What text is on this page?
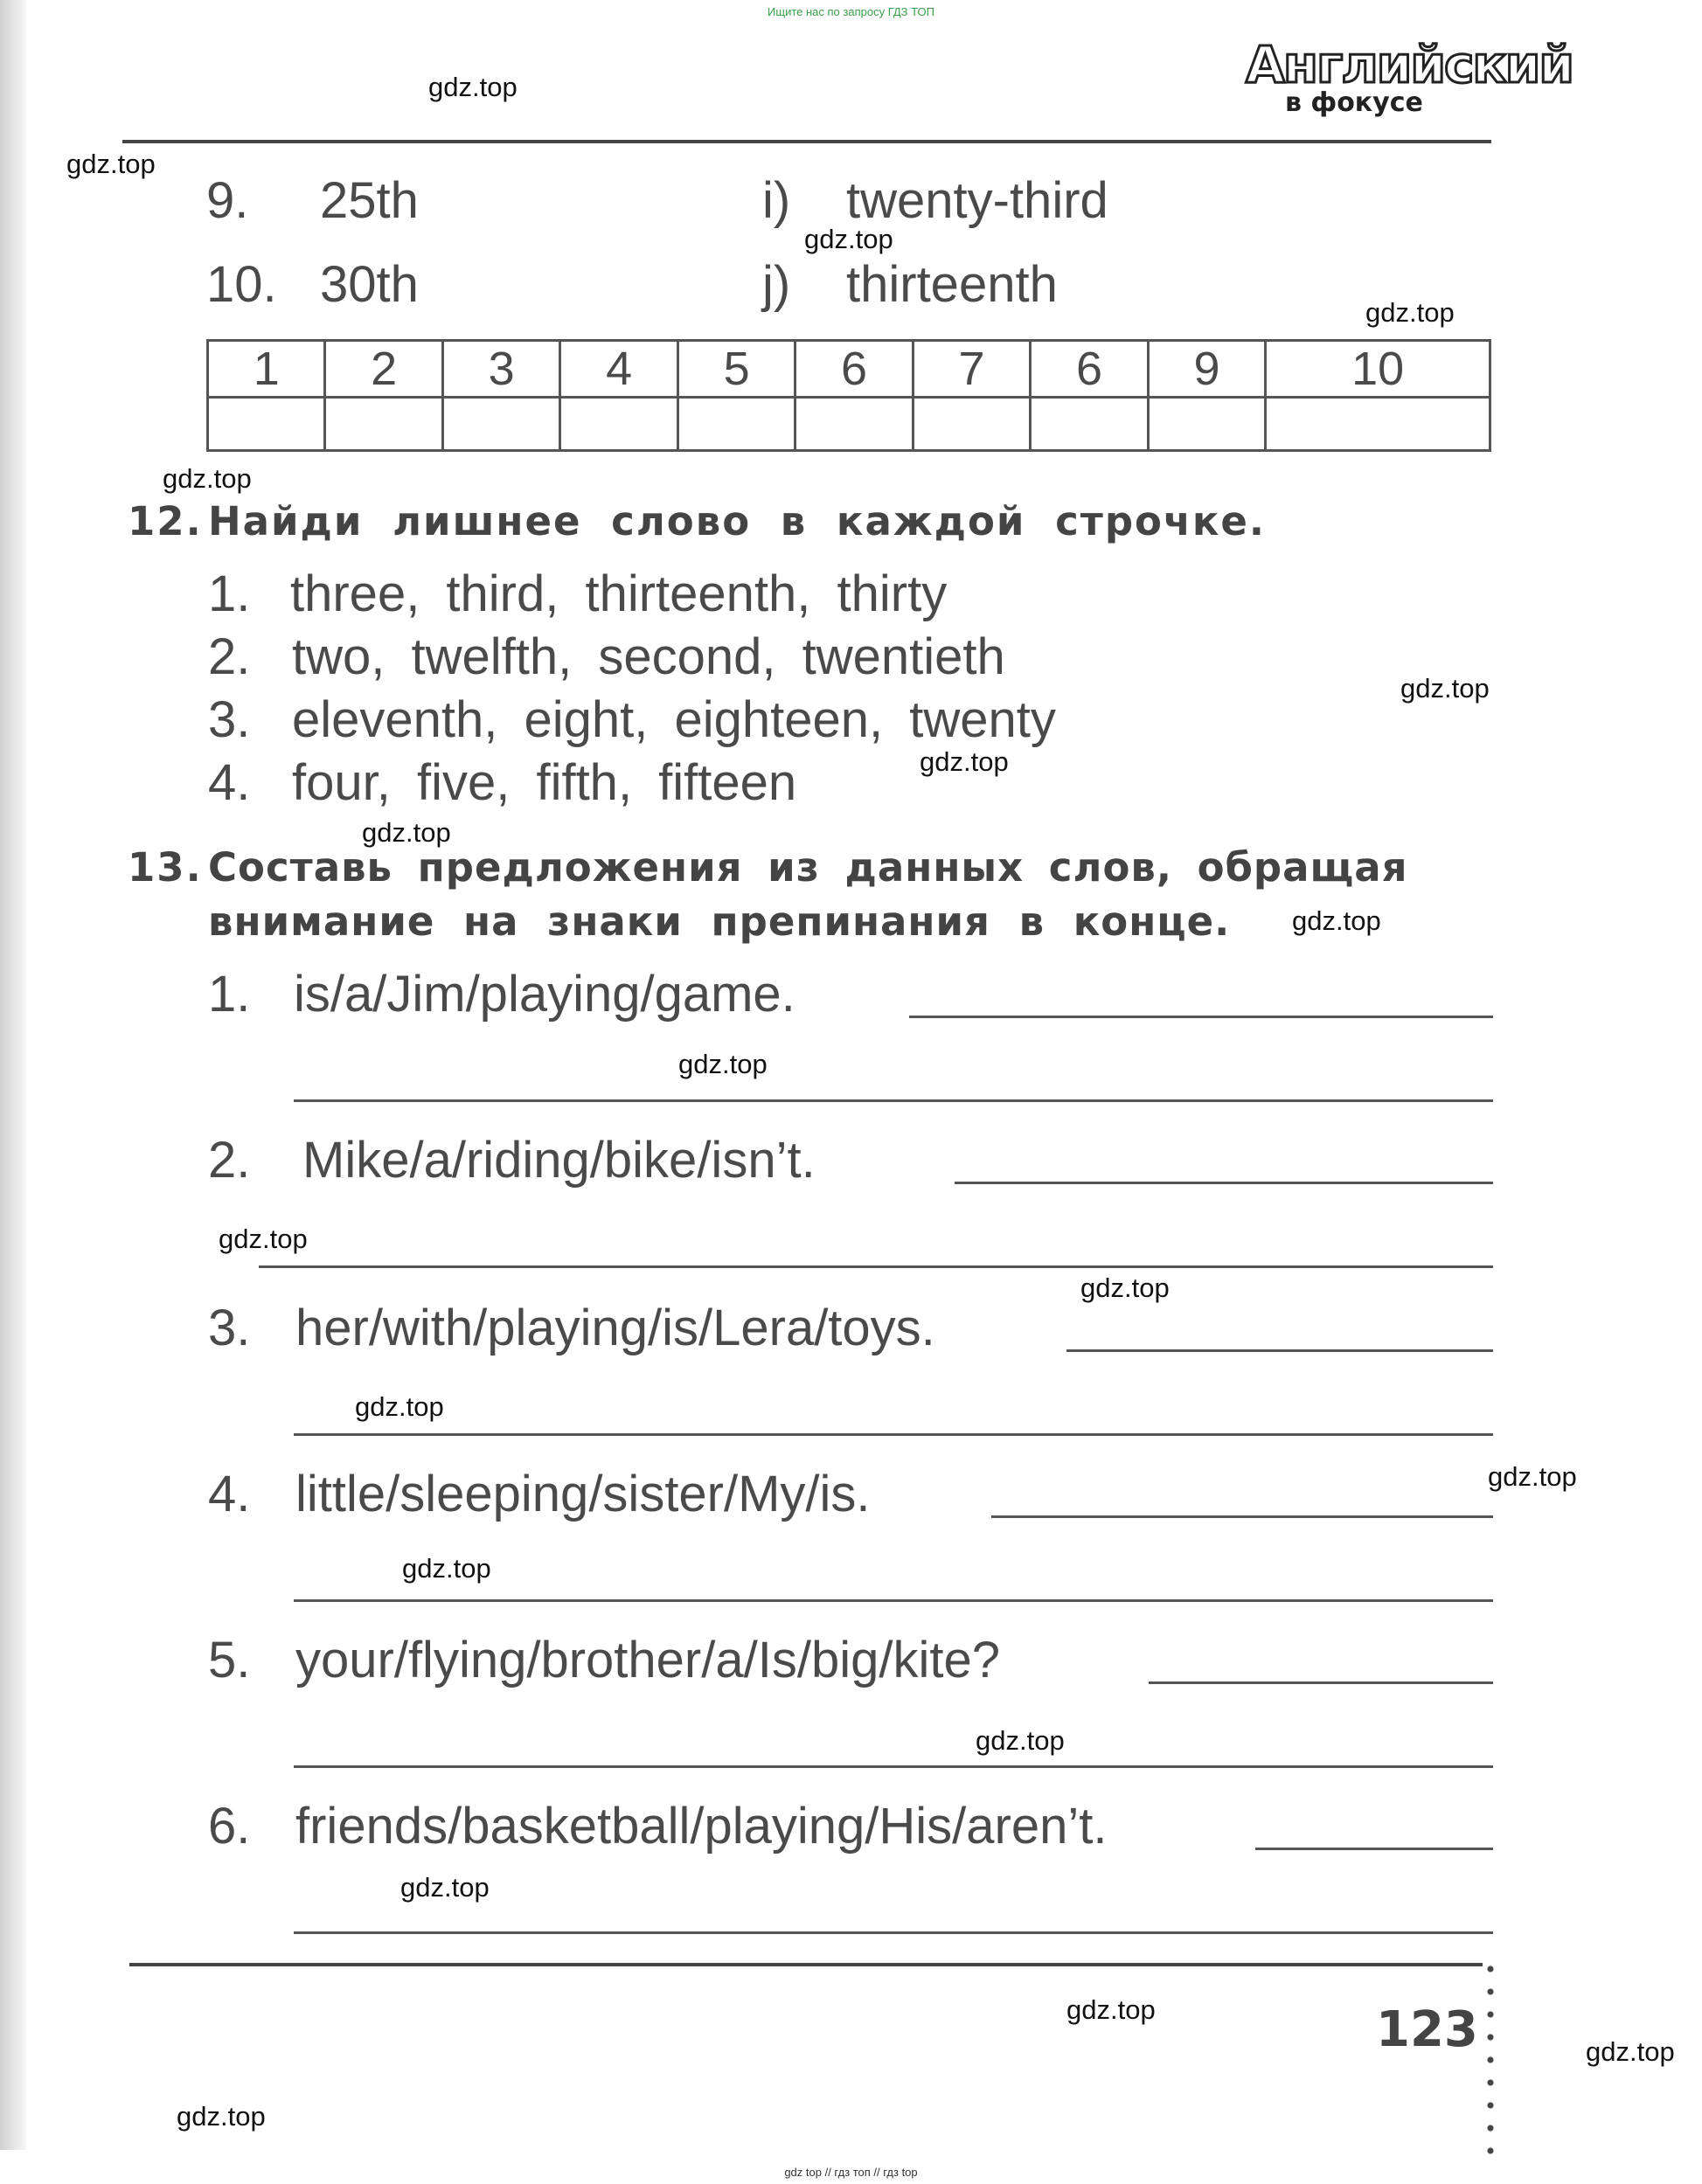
Ищите нас по запросу ГДЗ ТОП
gdz.top
gdz.top
gdz.top
gdz.top
gdz.top
gdz.top
gdz.top
gdz.top
gdz.top
gdz.top
gdz.top
gdz.top
gdz.top
gdz.top
gdz.top
gdz.top
gdz.top
gdz.top
gdz.top
gdz.top
Английский
в фокусе
9. 25th	i) twenty-third
10. 30th	j) thirteenth
1	2	3	4	5	6	7	6	9	10

12. Найди лишнее слово в каждой строчке.
1. three, third, thirteenth, thirty
2. two, twelfth, second, twentieth
3. eleventh, eight, eighteen, twenty
4. four, five, fifth, fifteen
13. Составь предложения из данных слов, обращая
внимание на знаки препинания в конце.
1. is/a/Jim/playing/game.
2. Mike/a/riding/bike/isn’t.
3. her/with/playing/is/Lera/toys.
4. little/sleeping/sister/My/is.
5. your/flying/brother/a/Is/big/kite?
6. friends/basketball/playing/His/aren’t.
123
gdz top // гдз топ // гдз top
